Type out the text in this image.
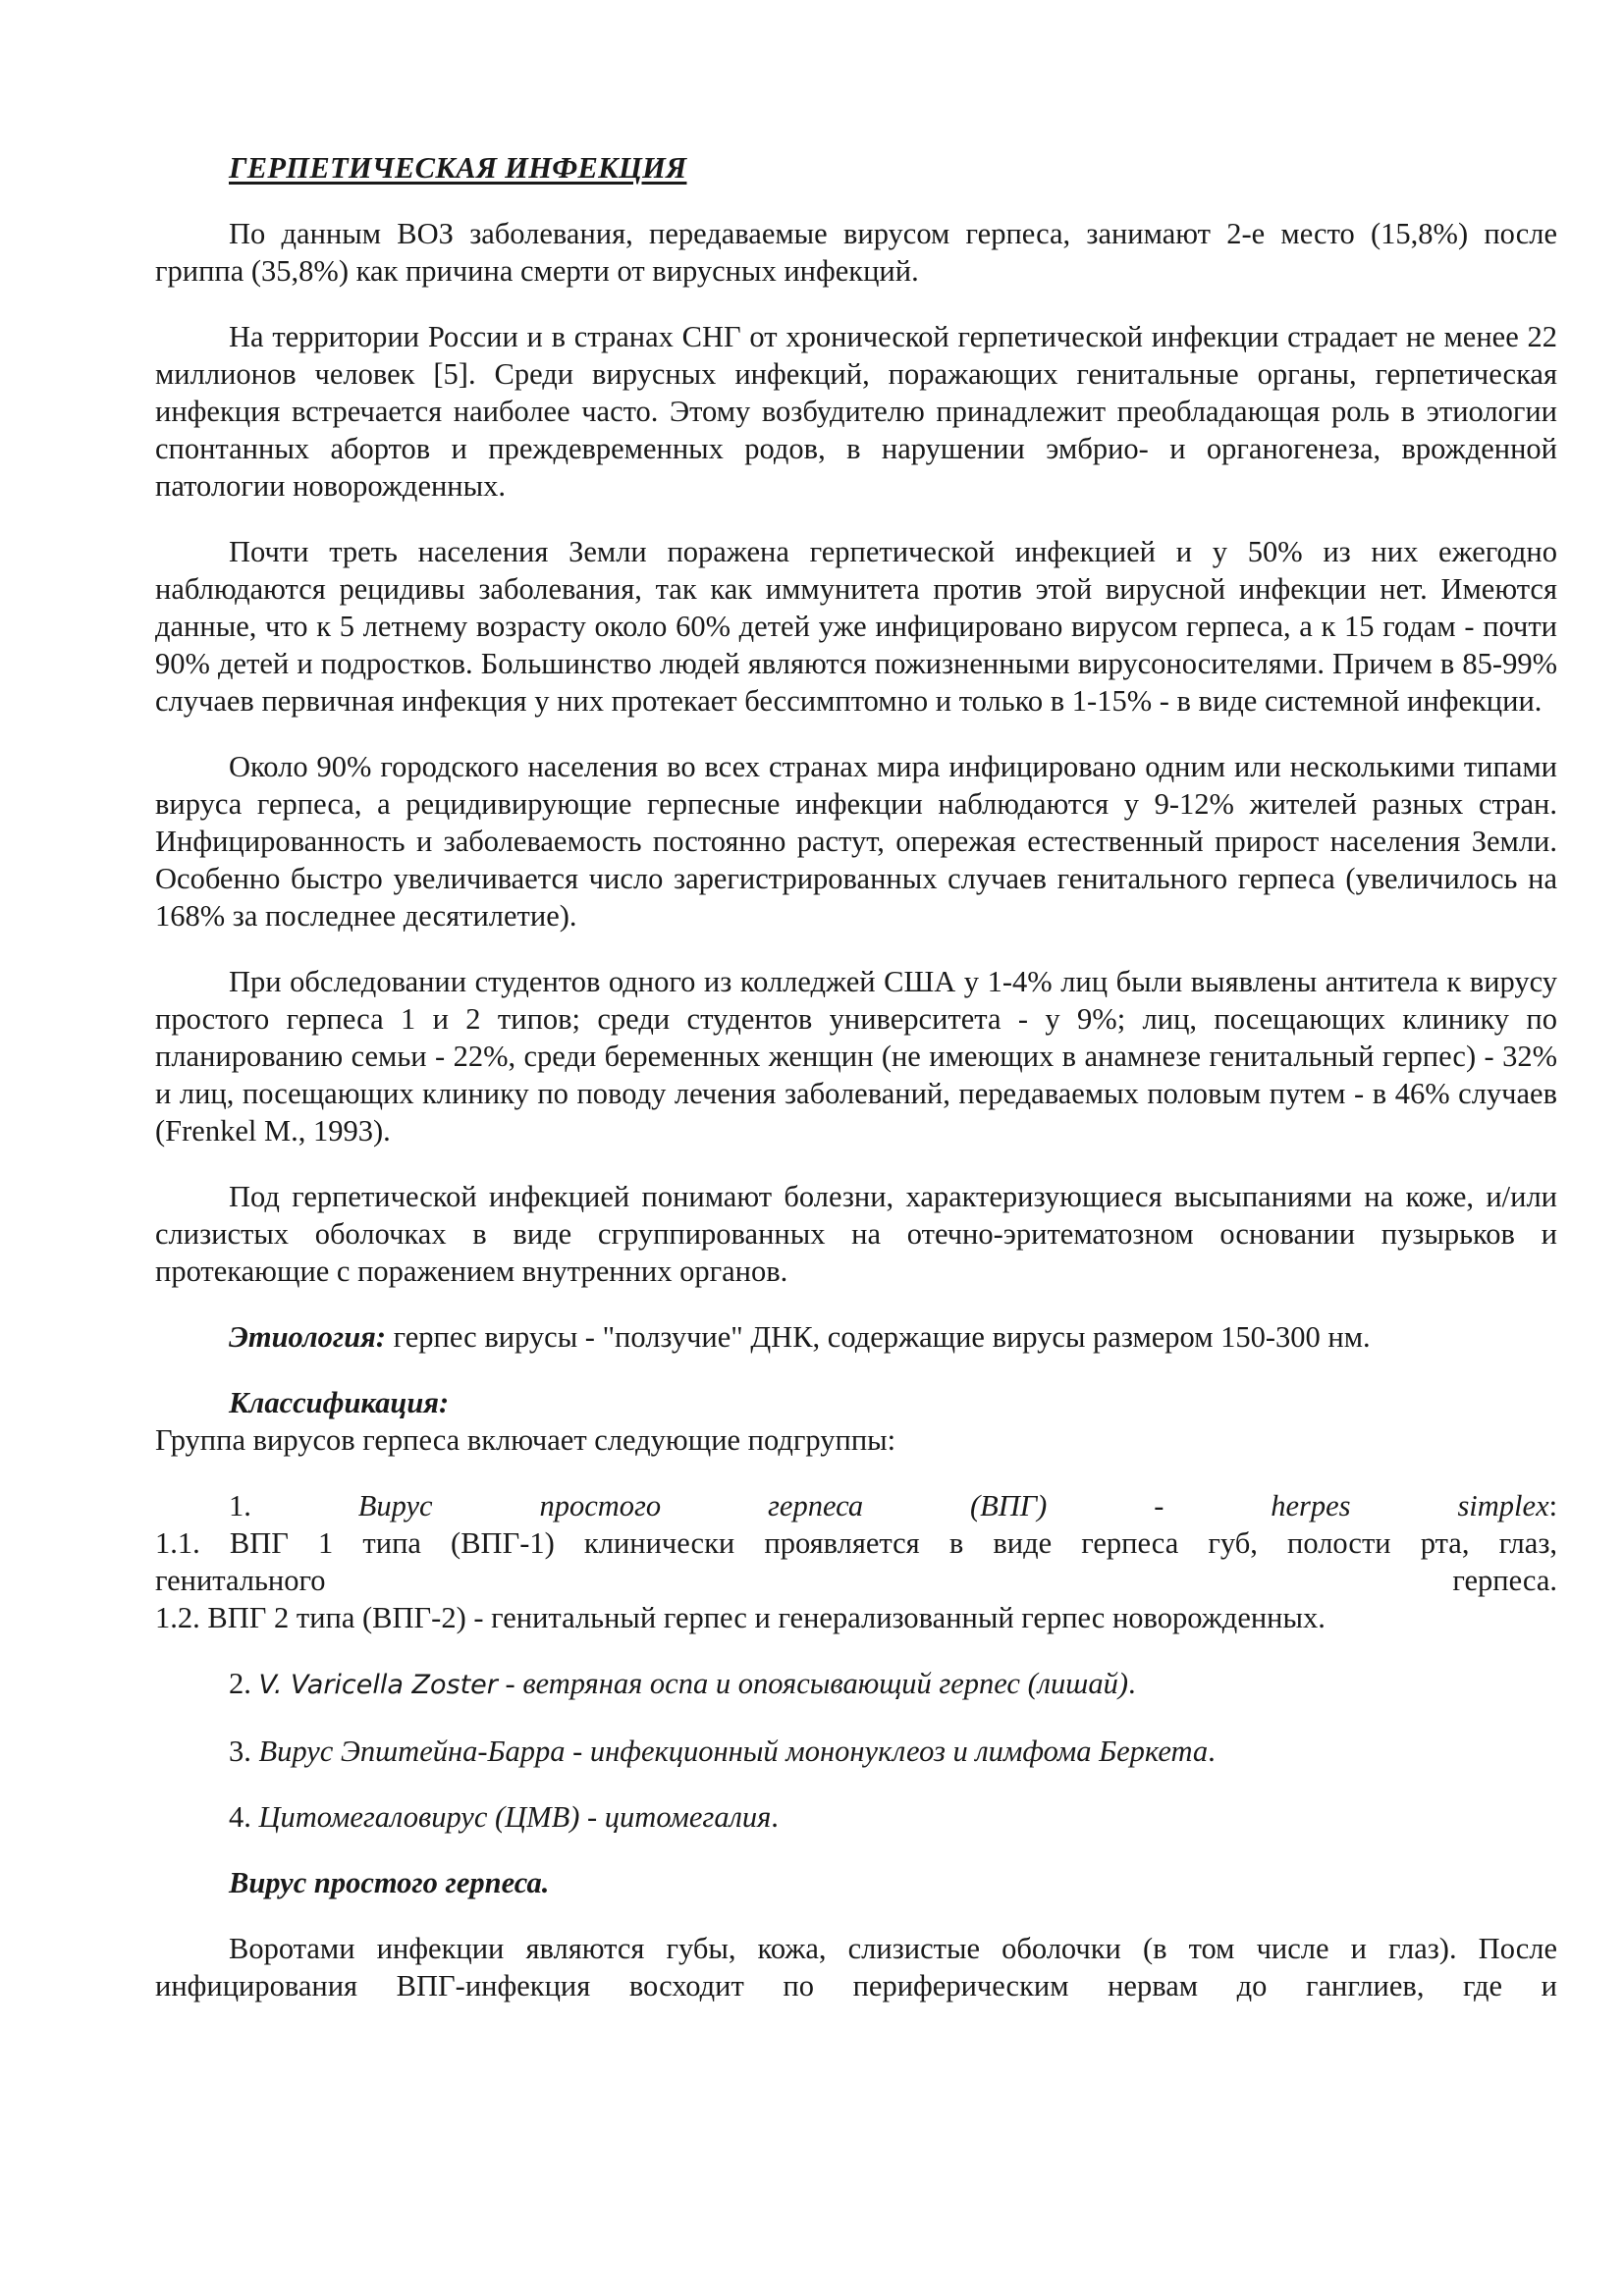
ГЕРПЕТИЧЕСКАЯ ИНФЕКЦИЯ

По данным ВОЗ заболевания, передаваемые вирусом герпеса, занимают 2-е место (15,8%) после гриппа (35,8%) как причина смерти от вирусных инфекций.

На территории России и в странах СНГ от хронической герпетической инфекции страдает не менее 22 миллионов человек [5]. Среди вирусных инфекций, поражающих генитальные органы, герпетическая инфекция встречается наиболее часто. Этому возбудителю принадлежит преобладающая роль в этиологии спонтанных абортов и преждевременных родов, в нарушении эмбрио- и органогенеза, врожденной патологии новорожденных.

Почти треть населения Земли поражена герпетической инфекцией и у 50% из них ежегодно наблюдаются рецидивы заболевания, так как иммунитета против этой вирусной инфекции нет. Имеются данные, что к 5 летнему возрасту около 60% детей уже инфицировано вирусом герпеса, а к 15 годам - почти 90% детей и подростков. Большинство людей являются пожизненными вирусоносителями. Причем в 85-99% случаев первичная инфекция у них протекает бессимптомно и только в 1-15% - в виде системной инфекции.

Около 90% городского населения во всех странах мира инфицировано одним или несколькими типами вируса герпеса, а рецидивирующие герпесные инфекции наблюдаются у 9-12% жителей разных стран. Инфицированность и заболеваемость постоянно растут, опережая естественный прирост населения Земли. Особенно быстро увеличивается число зарегистрированных случаев генитального герпеса (увеличилось на 168% за последнее десятилетие).

При обследовании студентов одного из колледжей США у 1-4% лиц были выявлены антитела к вирусу простого герпеса 1 и 2 типов; среди студентов университета - у 9%; лиц, посещающих клинику по планированию семьи - 22%, среди беременных женщин (не имеющих в анамнезе генитальный герпес) - 32% и лиц, посещающих клинику по поводу лечения заболеваний, передаваемых половым путем - в 46% случаев (Frenkel M., 1993).

Под герпетической инфекцией понимают болезни, характеризующиеся высыпаниями на коже, и/или слизистых оболочках в виде сгруппированных на отечно-эритематозном основании пузырьков и протекающие с поражением внутренних органов.

Этиология: герпес вирусы - "ползучие" ДНК, содержащие вирусы размером 150-300 нм.
Классификация:
Группа вирусов герпеса включает следующие подгруппы:
1.	Вирус	простого	герпеса	(ВПГ)	-	herpes	simplex:
1.1. ВПГ 1 типа (ВПГ-1) клинически проявляется в виде герпеса губ, полости рта, глаз,
генитального	герпеса.
1.2. ВПГ 2 типа (ВПГ-2) - генитальный герпес и генерализованный герпес новорожденных.
2. V. Varicella Zoster - ветряная оспа и опоясывающий герпес (лишай).
3. Вирус Эпштейна-Барра - инфекционный мононуклеоз и лимфома Беркета.
4. Цитомегаловирус (ЦМВ) - цитомегалия.
Вирус простого герпеса.

Воротами инфекции являются губы, кожа, слизистые оболочки (в том числе и глаз). После инфицирования ВПГ-инфекция восходит по периферическим нервам до ганглиев, где и
